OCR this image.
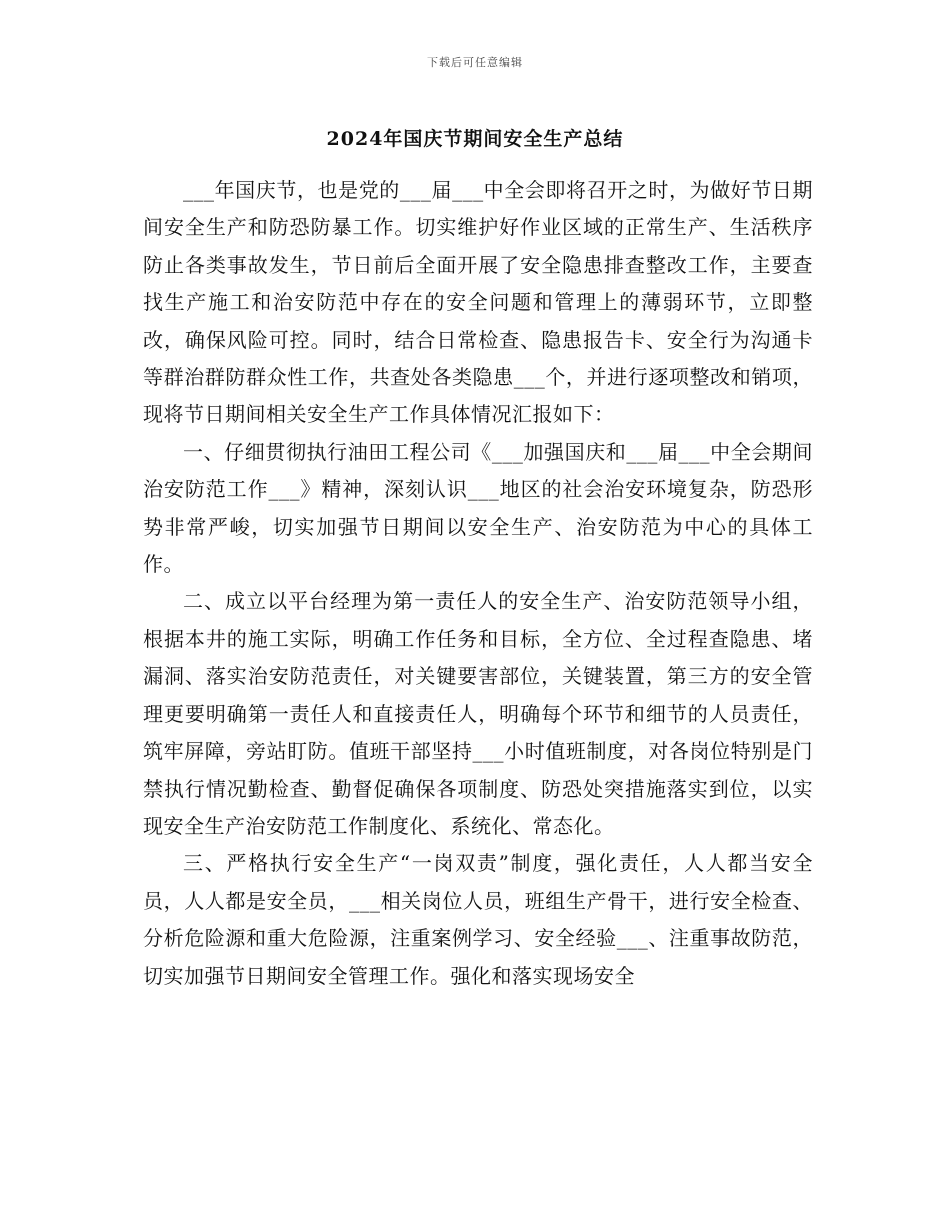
下载后可任意编辑
2024年国庆节期间安全生产总结

___年国庆节，也是党的___届___中全会即将召开之时，为做好节日期间安全生产和防恐防暴工作。切实维护好作业区域的正常生产、生活秩序防止各类事故发生，节日前后全面开展了安全隐患排查整改工作，主要查找生产施工和治安防范中存在的安全问题和管理上的薄弱环节，立即整改，确保风险可控。同时，结合日常检查、隐患报告卡、安全行为沟通卡等群治群防群众性工作，共查处各类隐患___个，并进行逐项整改和销项，现将节日期间相关安全生产工作具体情况汇报如下：

一、仔细贯彻执行油田工程公司《___加强国庆和___届___中全会期间治安防范工作___》精神，深刻认识___地区的社会治安环境复杂，防恐形势非常严峻，切实加强节日期间以安全生产、治安防范为中心的具体工作。

二、成立以平台经理为第一责任人的安全生产、治安防范领导小组，根据本井的施工实际，明确工作任务和目标，全方位、全过程查隐患、堵漏洞、落实治安防范责任，对关键要害部位，关键装置，第三方的安全管理更要明确第一责任人和直接责任人，明确每个环节和细节的人员责任，筑牢屏障，旁站盯防。值班干部坚持___小时值班制度，对各岗位特别是门禁执行情况勤检查、勤督促确保各项制度、防恐处突措施落实到位，以实现安全生产治安防范工作制度化、系统化、常态化。

三、严格执行安全生产“一岗双责”制度，强化责任，人人都当安全员，人人都是安全员，___相关岗位人员，班组生产骨干，进行安全检查、分析危险源和重大危险源，注重案例学习、安全经验___、注重事故防范，切实加强节日期间安全管理工作。强化和落实现场安全
